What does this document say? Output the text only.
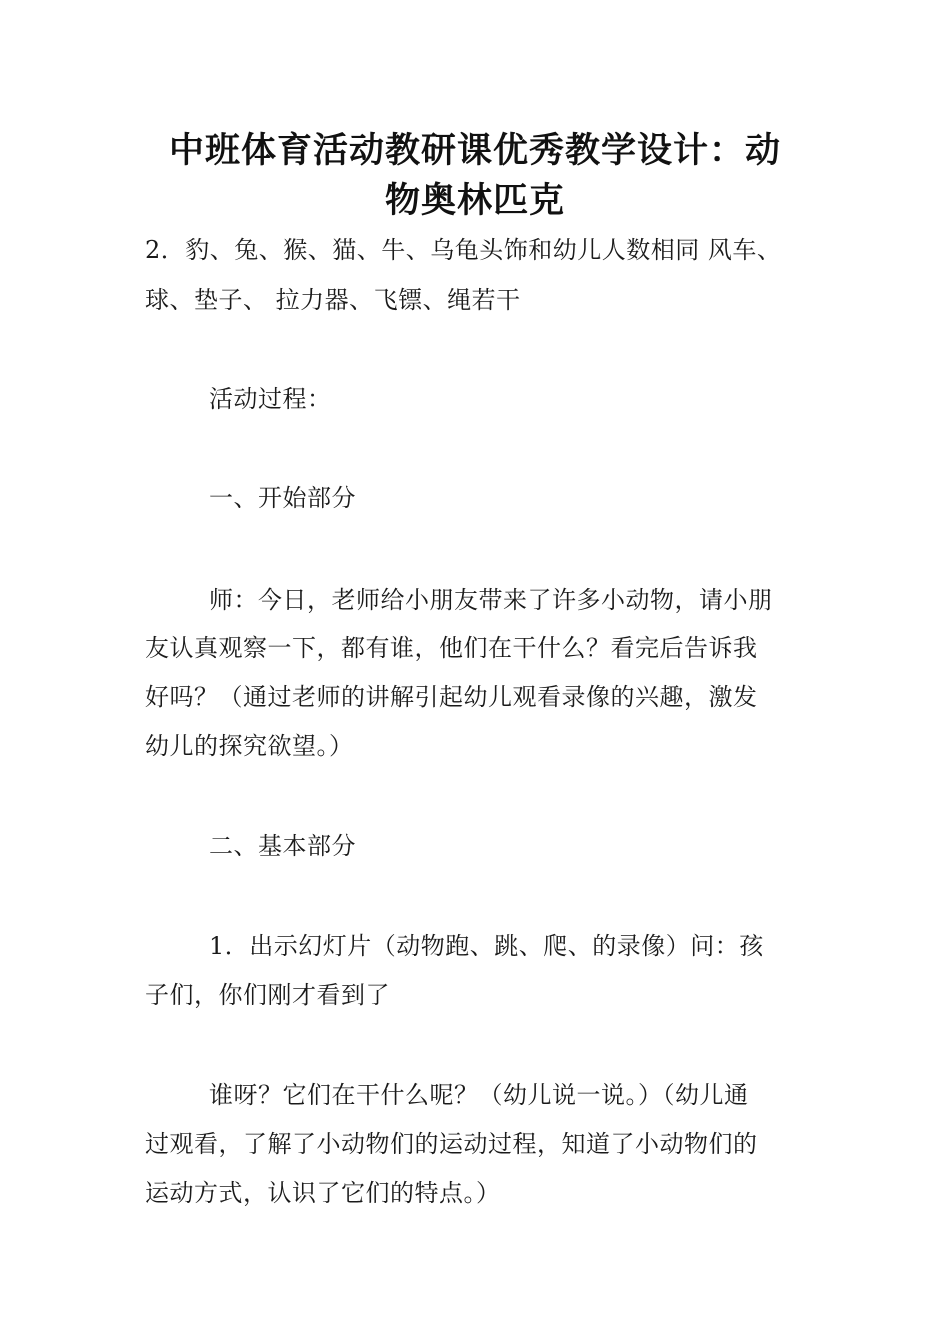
中班体育活动教研课优秀教学设计：动
物奥林匹克
2．豹、兔、猴、猫、牛、乌龟头饰和幼儿人数相同 风车、
球、垫子、 拉力器、飞镖、绳若干
活动过程：
一、开始部分
师：今日，老师给小朋友带来了许多小动物，请小朋
友认真观察一下，都有谁，他们在干什么？看完后告诉我
好吗？（通过老师的讲解引起幼儿观看录像的兴趣，激发
幼儿的探究欲望。）
二、基本部分
1．出示幻灯片（动物跑、跳、爬、的录像）问：孩
子们，你们刚才看到了
谁呀？它们在干什么呢？（幼儿说一说。）（幼儿通
过观看，了解了小动物们的运动过程，知道了小动物们的
运动方式，认识了它们的特点。）
